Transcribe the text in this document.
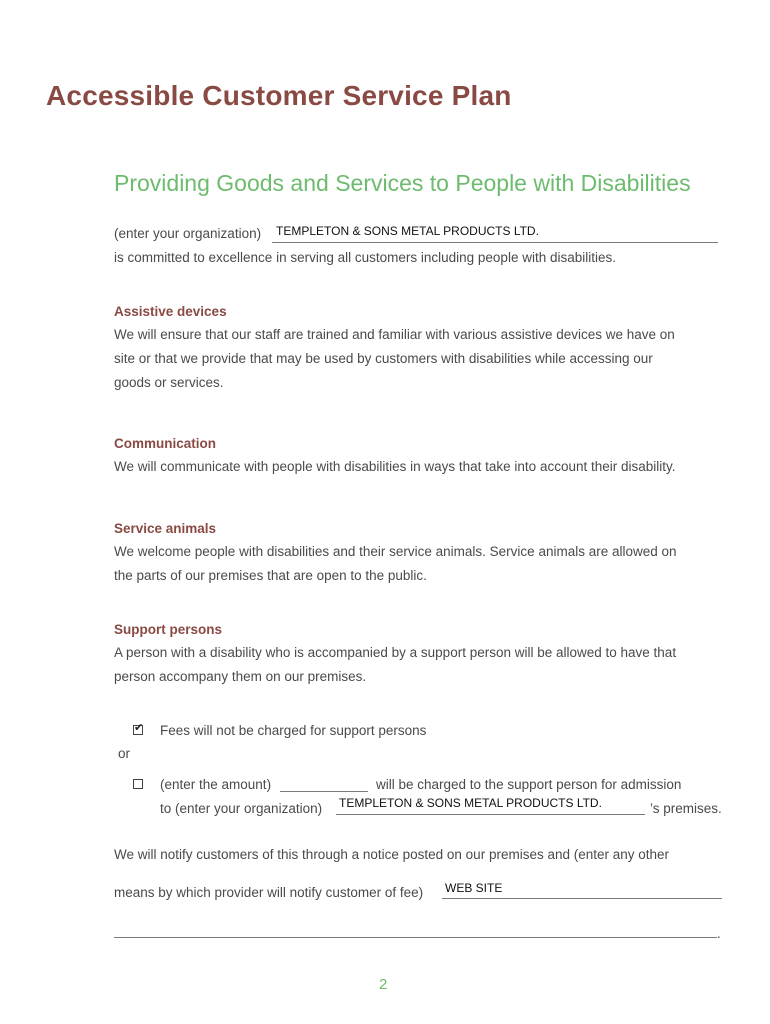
Accessible Customer Service Plan
Providing Goods and Services to People with Disabilities
(enter your organization) TEMPLETON & SONS METAL PRODUCTS LTD.
is committed to excellence in serving all customers including people with disabilities.
Assistive devices
We will ensure that our staff are trained and familiar with various assistive devices we have on
site or that we provide that may be used by customers with disabilities while accessing our
goods or services.
Communication
We will communicate with people with disabilities in ways that take into account their disability.
Service animals
We welcome people with disabilities and their service animals. Service animals are allowed on
the parts of our premises that are open to the public.
Support persons
A person with a disability who is accompanied by a support person will be allowed to have that
person accompany them on our premises.
✔ Fees will not be charged for support persons
or
(enter the amount)	will be charged to the support person for admission
to (enter your organization) TEMPLETON & SONS METAL PRODUCTS LTD.	’s premises.
We will notify customers of this through a notice posted on our premises and (enter any other
means by which provider will notify customer of fee) WEB SITE
.
2
